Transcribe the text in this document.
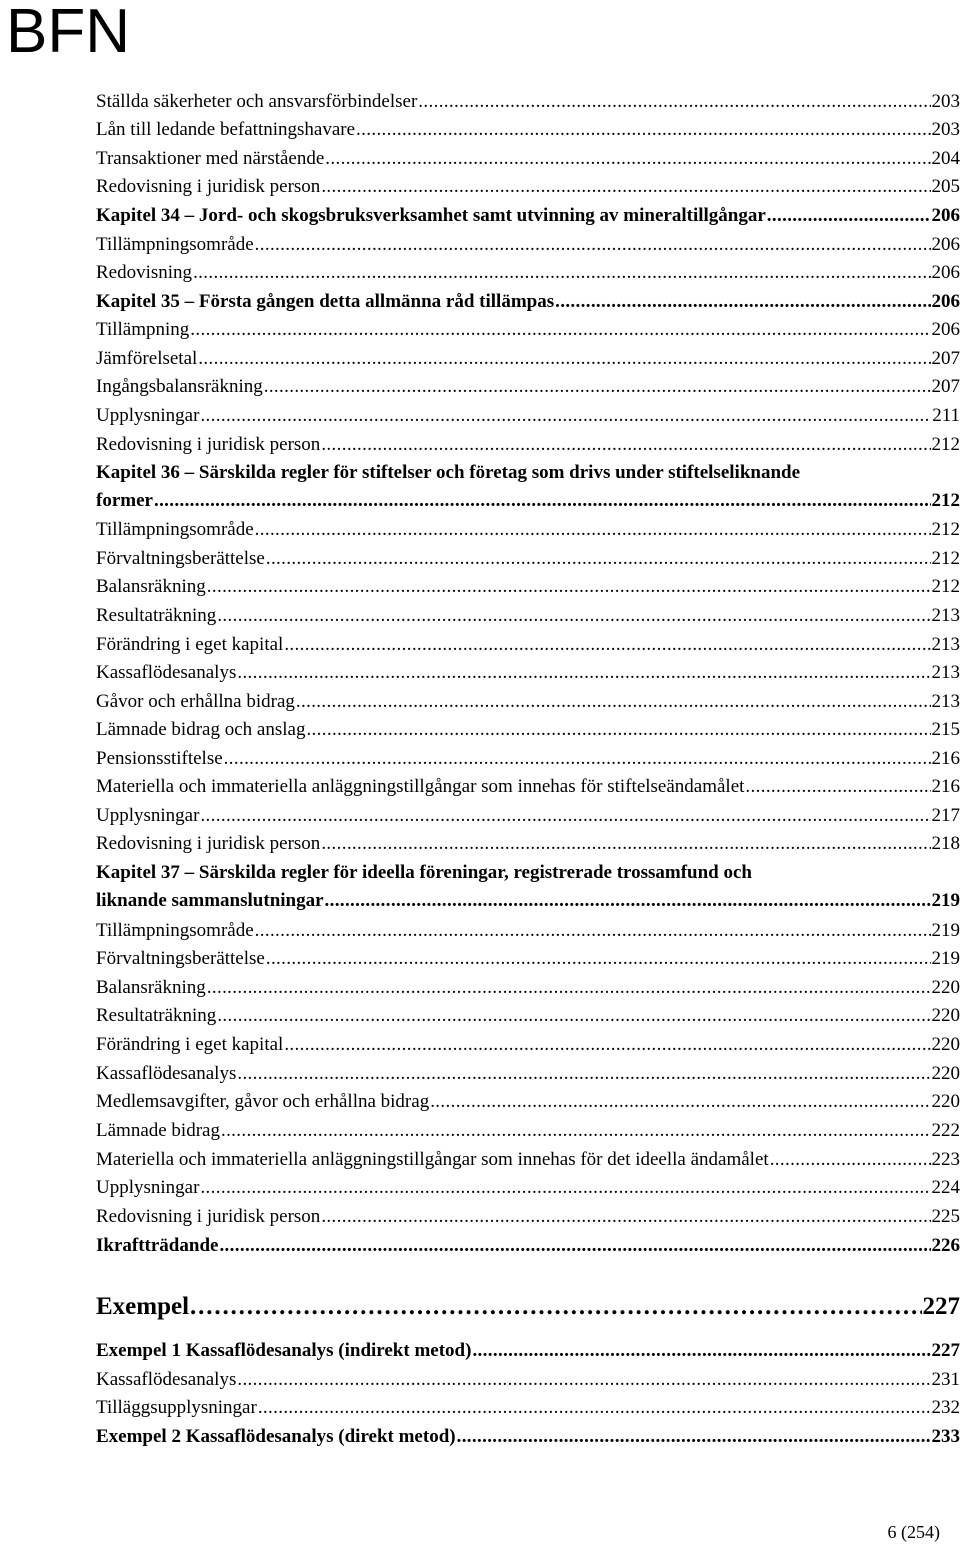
BFN
Ställda säkerheter och ansvarsförbindelser . . .	203
Lån till ledande befattningshavare . . .	203
Transaktioner med närstående . . .	204
Redovisning i juridisk person . . .	205
Kapitel 34 – Jord- och skogsbruksverksamhet samt utvinning av mineraltillgångar . . .	206
Tillämpningsområde . . .	206
Redovisning . . .	206
Kapitel 35 – Första gången detta allmänna råd tillämpas . . .	206
Tillämpning . . .	206
Jämförelsetal . . .	207
Ingångsbalansräkning . . .	207
Upplysningar . . .	211
Redovisning i juridisk person . . .	212
Kapitel 36 – Särskilda regler för stiftelser och företag som drivs under stiftelseliknande
former . . .	212
Tillämpningsområde . . .	212
Förvaltningsberättelse . . .	212
Balansräkning . . .	212
Resultaträkning . . .	213
Förändring i eget kapital . . .	213
Kassaflödesanalys . . .	213
Gåvor och erhållna bidrag . . .	213
Lämnade bidrag och anslag . . .	215
Pensionsstiftelse . . .	216
Materiella och immateriella anläggningstillgångar som innehas för stiftelseändamålet . . .	216
Upplysningar . . .	217
Redovisning i juridisk person . . .	218
Kapitel 37 – Särskilda regler för ideella föreningar, registrerade trossamfund och
liknande sammanslutningar . . .	219
Tillämpningsområde . . .	219
Förvaltningsberättelse . . .	219
Balansräkning . . .	220
Resultaträkning . . .	220
Förändring i eget kapital . . .	220
Kassaflödesanalys . . .	220
Medlemsavgifter, gåvor och erhållna bidrag . . .	220
Lämnade bidrag . . .	222
Materiella och immateriella anläggningstillgångar som innehas för det ideella ändamålet . . .	223
Upplysningar . . .	224
Redovisning i juridisk person . . .	225
Ikraftträdande . . .	226
Exempel . . .	227
Exempel 1 Kassaflödesanalys (indirekt metod) . . .	227
Kassaflödesanalys . . .	231
Tilläggsupplysningar . . .	232
Exempel 2 Kassaflödesanalys (direkt metod) . . .	233
6 (254)
